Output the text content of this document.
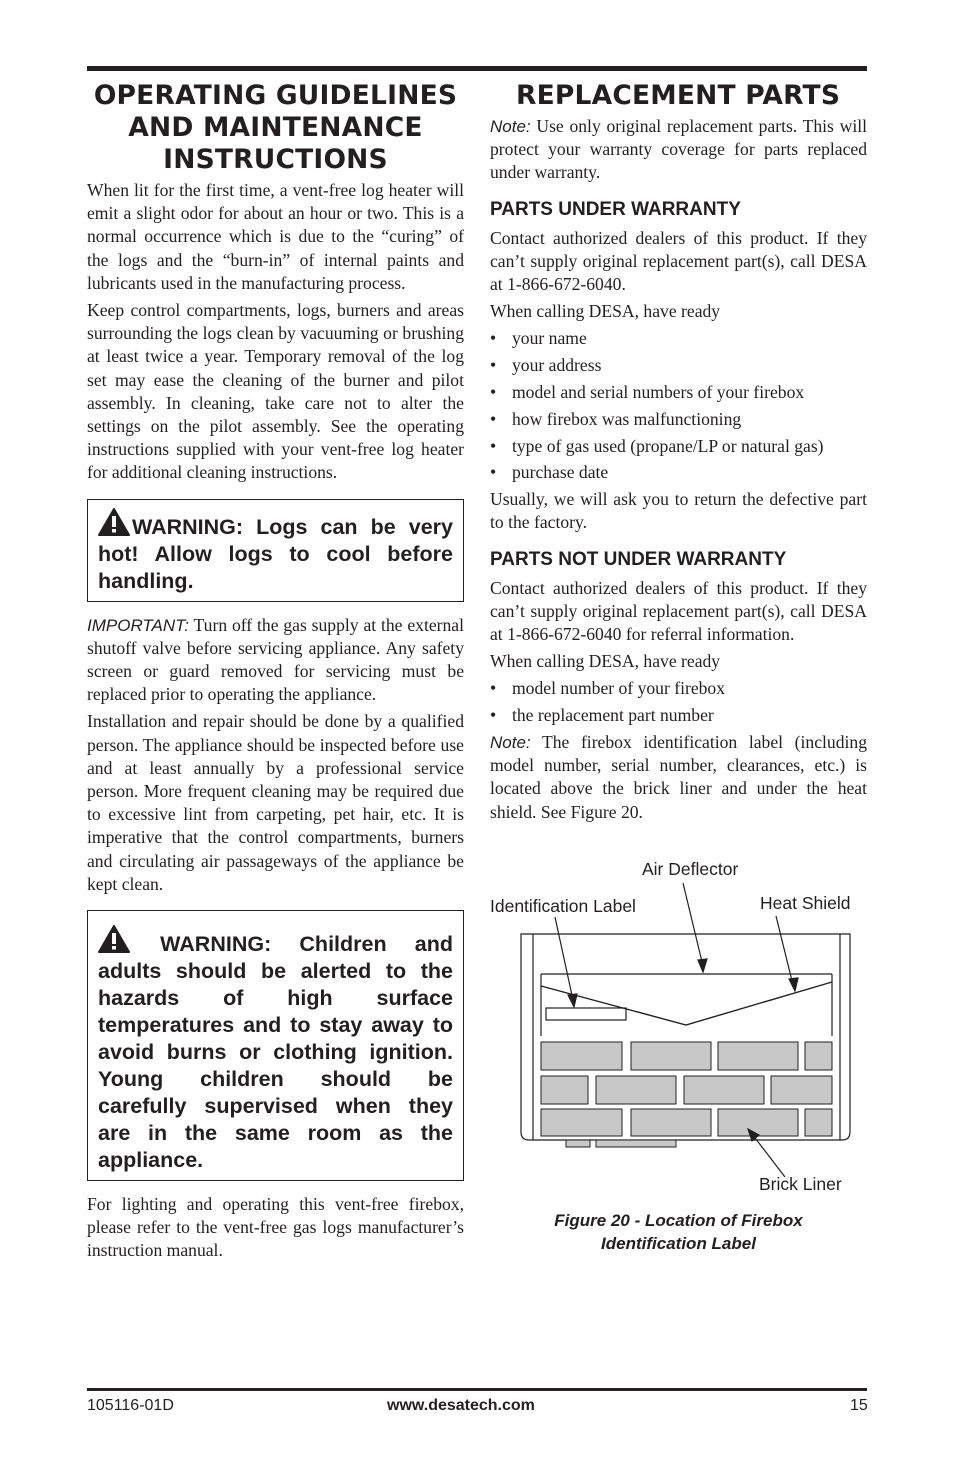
OPERATING GUIDELINES
AND MAINTENANCE
INSTRUCTIONS

When lit for the first time, a vent-free log heater will emit a slight odor for about an hour or two. This is a normal occurrence which is due to the “curing” of the logs and the “burn-in” of internal paints and lubricants used in the manufacturing process.

Keep control compartments, logs, burners and areas surrounding the logs clean by vacuuming or brushing at least twice a year. Temporary removal of the log set may ease the cleaning of the burner and pilot assembly. In cleaning, take care not to alter the settings on the pilot assembly. See the operating instructions supplied with your vent-free log heater for additional cleaning instructions.

WARNING: Logs can be very hot! Allow logs to cool before handling.

IMPORTANT: Turn off the gas supply at the external shutoff valve before servicing appliance. Any safety screen or guard removed for servicing must be replaced prior to operating the appliance.

Installation and repair should be done by a qualified person. The appliance should be inspected before use and at least annually by a professional service person. More frequent cleaning may be required due to excessive lint from carpeting, pet hair, etc. It is imperative that the control compartments, burners and circulating air passageways of the appliance be kept clean.

WARNING: Children and adults should be alerted to the hazards of high surface temperatures and to stay away to avoid burns or clothing ignition. Young children should be carefully supervised when they are in the same room as the appliance.

For lighting and operating this vent-free firebox, please refer to the vent-free gas logs manufacturer’s instruction manual.

REPLACEMENT PARTS

Note: Use only original replacement parts. This will protect your warranty coverage for parts replaced under warranty.

PARTS UNDER WARRANTY

Contact authorized dealers of this product. If they can’t supply original replacement part(s), call DESA at 1-866-672-6040.

When calling DESA, have ready

• your name
• your address
• model and serial numbers of your firebox
• how firebox was malfunctioning
• type of gas used (propane/LP or natural gas)
• purchase date

Usually, we will ask you to return the defective part to the factory.

PARTS NOT UNDER WARRANTY

Contact authorized dealers of this product. If they can’t supply original replacement part(s), call DESA at 1-866-672-6040 for referral information.

When calling DESA, have ready

• model number of your firebox
• the replacement part number

Note: The firebox identification label (including model number, serial number, clearances, etc.) is located above the brick liner and under the heat shield. See Figure 20.

Air Deflector
Identification Label	Heat Shield
Brick Liner
Figure 20 - Location of Firebox
Identification Label
105116-01D	www.desatech.com	15
